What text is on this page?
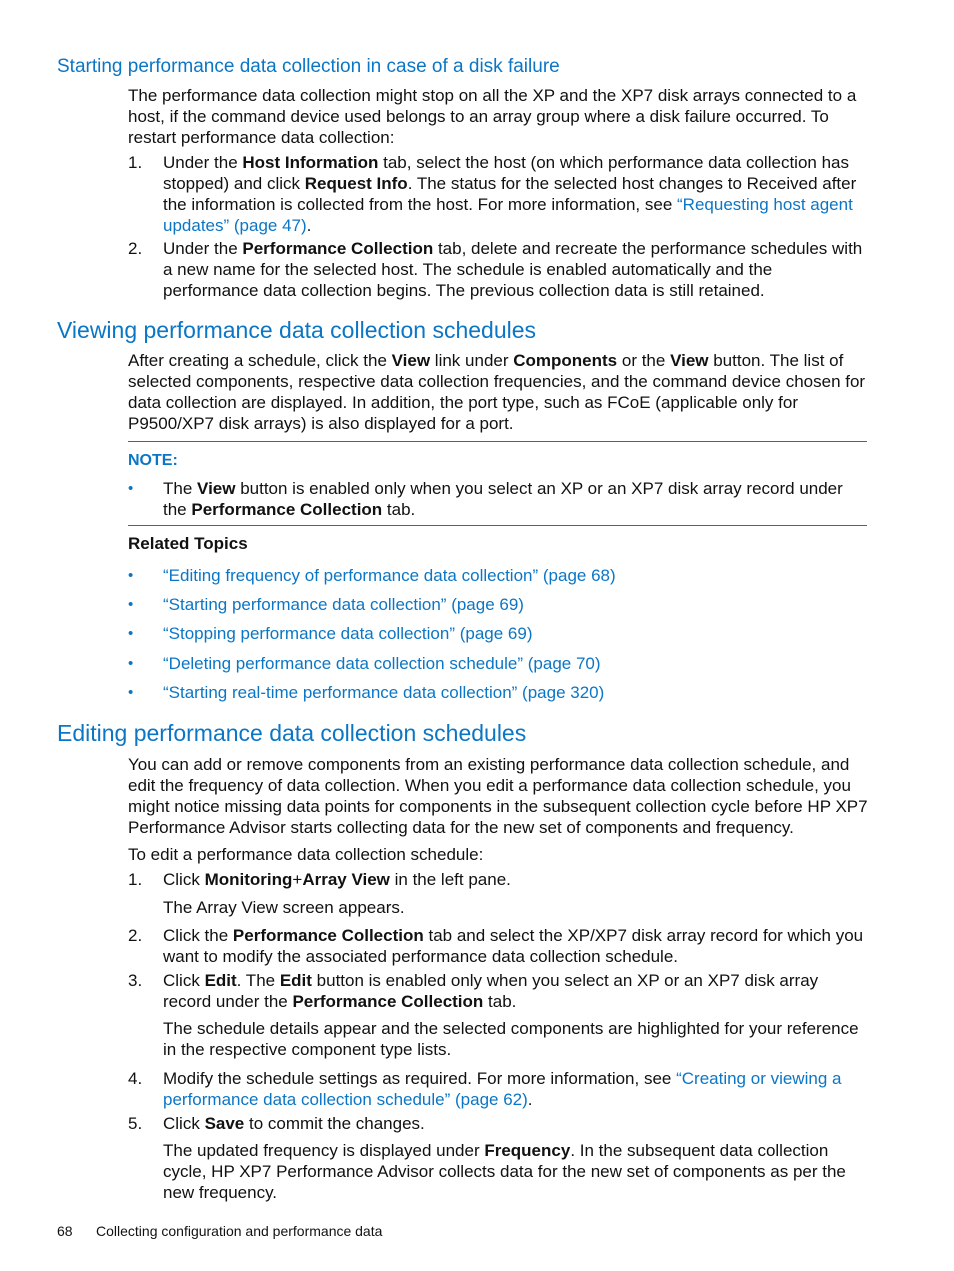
Starting performance data collection in case of a disk failure
The performance data collection might stop on all the XP and the XP7 disk arrays connected to a host, if the command device used belongs to an array group where a disk failure occurred. To restart performance data collection:
1. Under the Host Information tab, select the host (on which performance data collection has stopped) and click Request Info. The status for the selected host changes to Received after the information is collected from the host. For more information, see “Requesting host agent updates” (page 47).
2. Under the Performance Collection tab, delete and recreate the performance schedules with a new name for the selected host. The schedule is enabled automatically and the performance data collection begins. The previous collection data is still retained.
Viewing performance data collection schedules
After creating a schedule, click the View link under Components or the View button. The list of selected components, respective data collection frequencies, and the command device chosen for data collection are displayed. In addition, the port type, such as FCoE (applicable only for P9500/XP7 disk arrays) is also displayed for a port.
NOTE:
• The View button is enabled only when you select an XP or an XP7 disk array record under the Performance Collection tab.
Related Topics
• “Editing frequency of performance data collection” (page 68)
• “Starting performance data collection” (page 69)
• “Stopping performance data collection” (page 69)
• “Deleting performance data collection schedule” (page 70)
• “Starting real-time performance data collection” (page 320)
Editing performance data collection schedules
You can add or remove components from an existing performance data collection schedule, and edit the frequency of data collection. When you edit a performance data collection schedule, you might notice missing data points for components in the subsequent collection cycle before HP XP7 Performance Advisor starts collecting data for the new set of components and frequency.
To edit a performance data collection schedule:
1. Click Monitoring+Array View in the left pane.
The Array View screen appears.
2. Click the Performance Collection tab and select the XP/XP7 disk array record for which you want to modify the associated performance data collection schedule.
3. Click Edit. The Edit button is enabled only when you select an XP or an XP7 disk array record under the Performance Collection tab.
The schedule details appear and the selected components are highlighted for your reference in the respective component type lists.
4. Modify the schedule settings as required. For more information, see “Creating or viewing a performance data collection schedule” (page 62).
5. Click Save to commit the changes.
The updated frequency is displayed under Frequency. In the subsequent data collection cycle, HP XP7 Performance Advisor collects data for the new set of components as per the new frequency.
68 Collecting configuration and performance data
